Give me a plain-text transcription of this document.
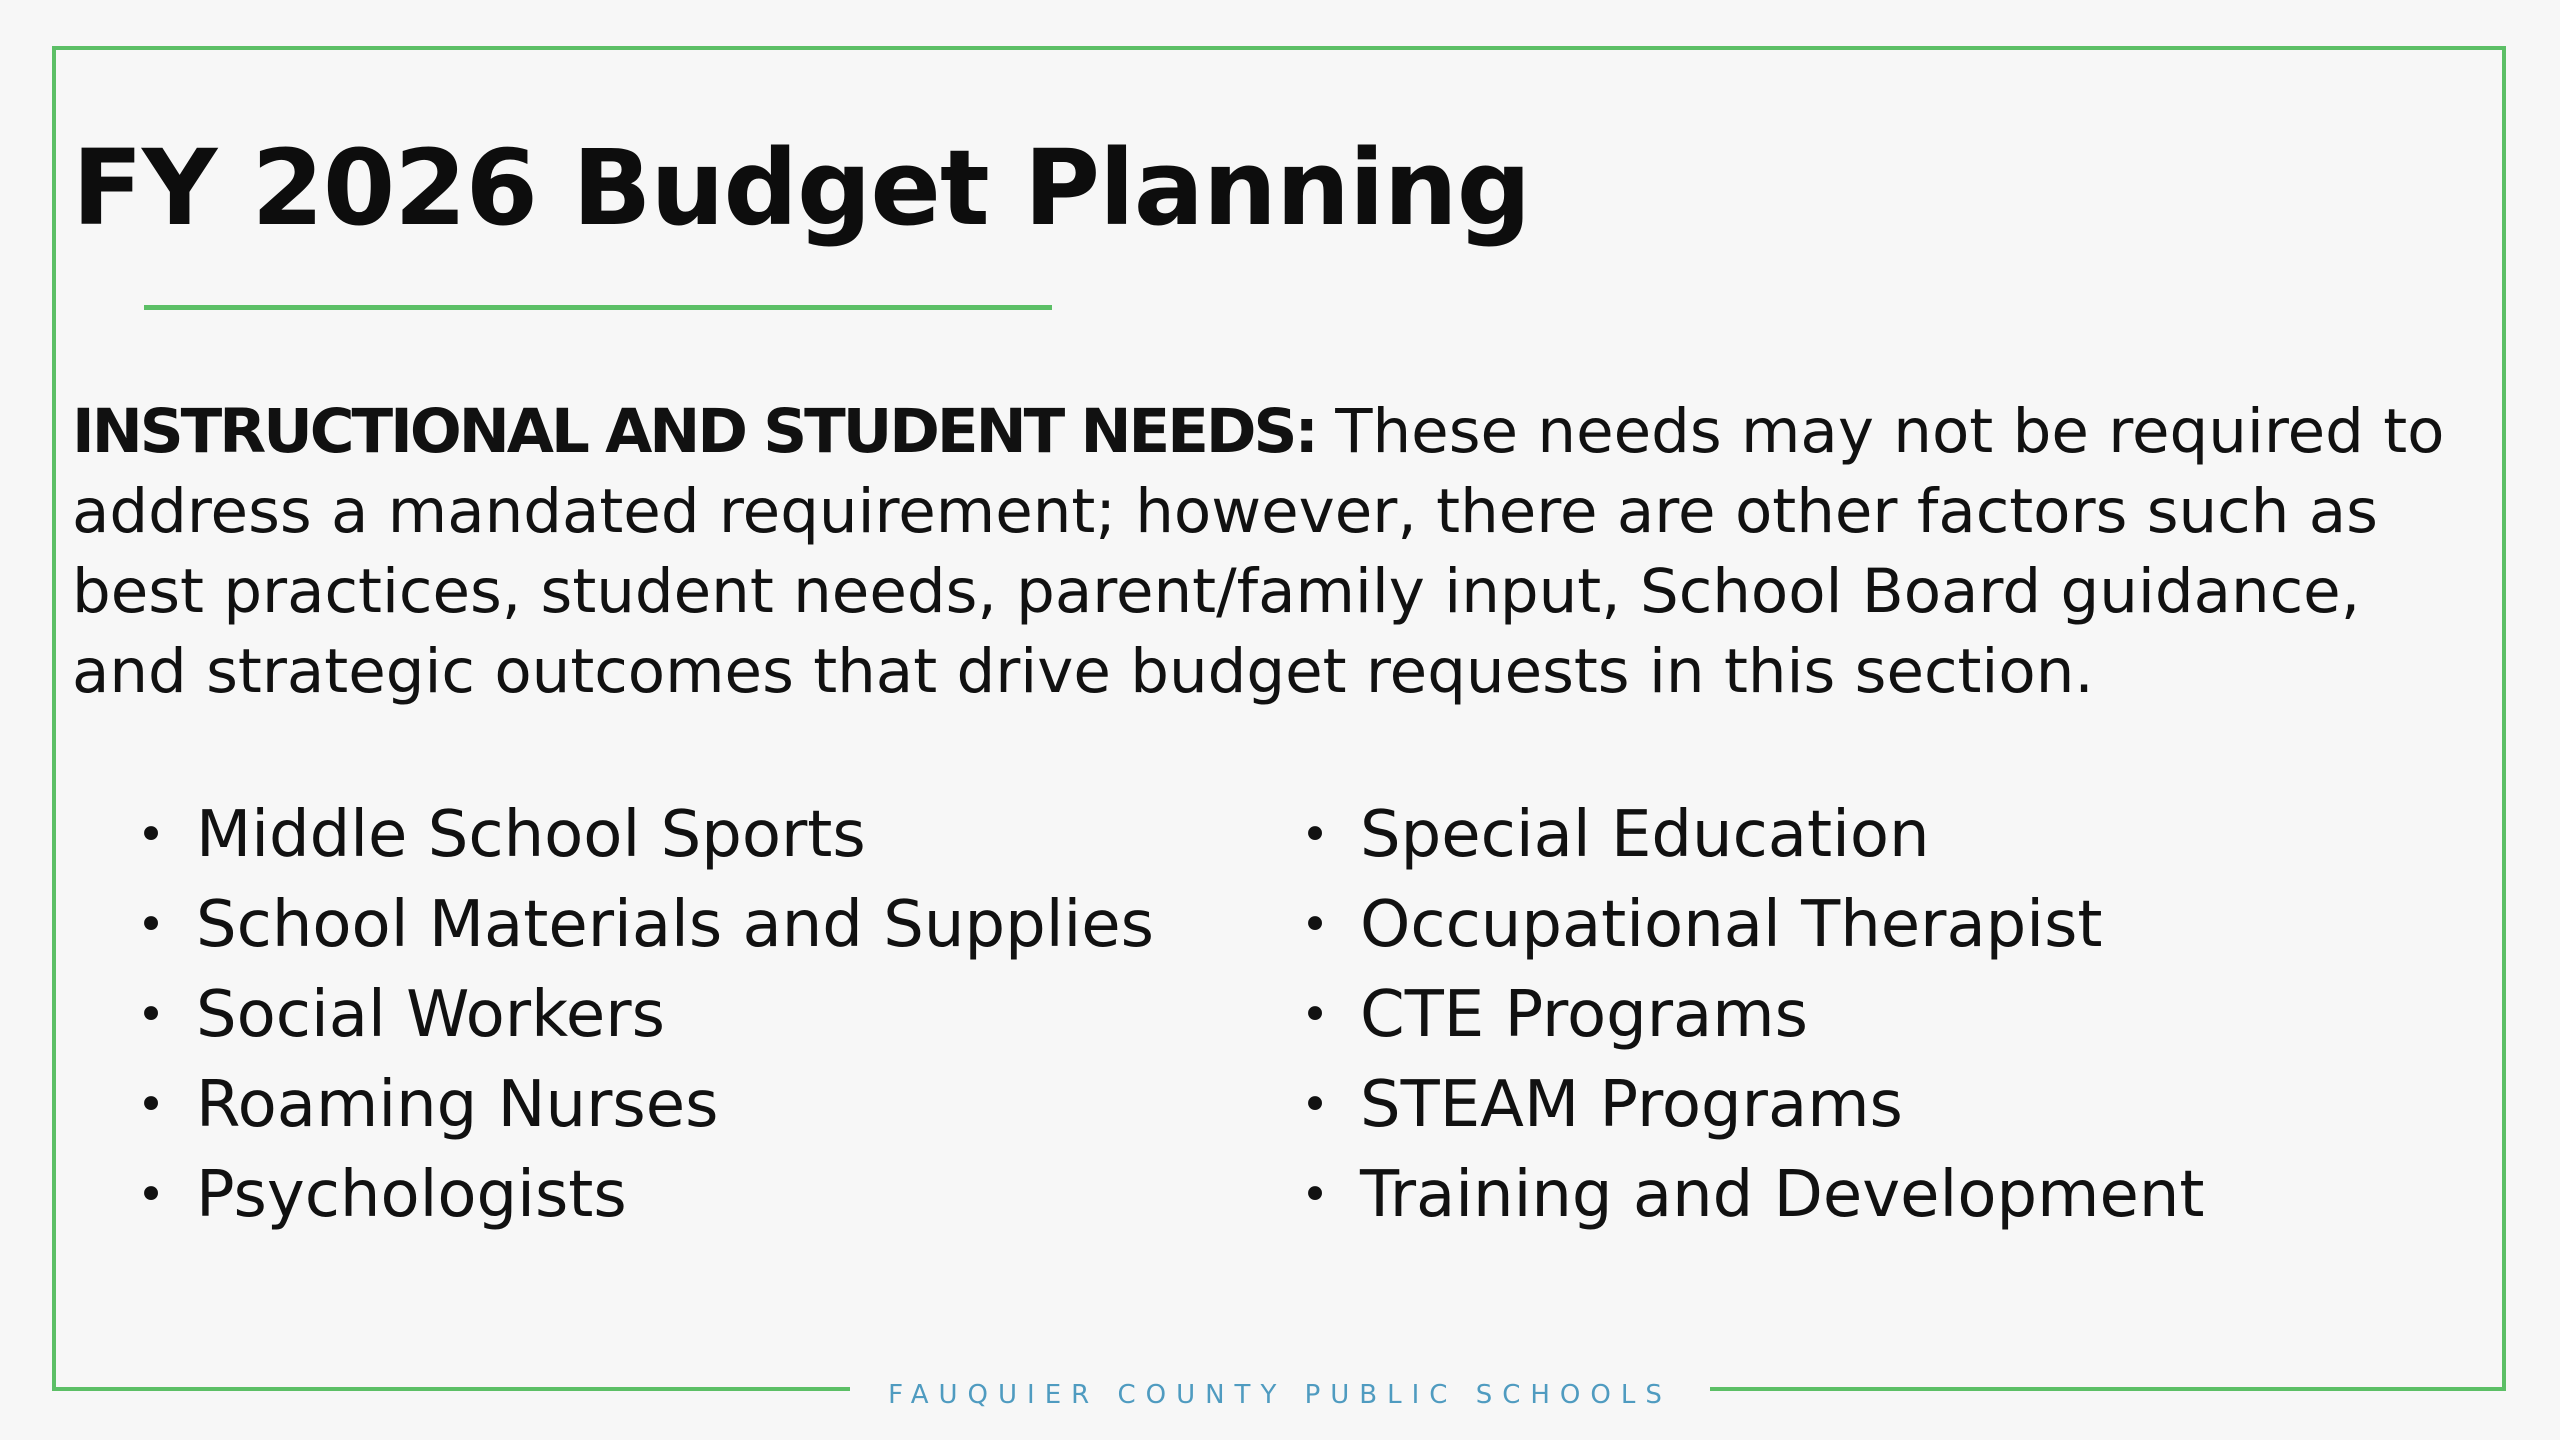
FAUQUIER COUNTY PUBLIC SCHOOLS
FY 2026 Budget Planning

INSTRUCTIONAL AND STUDENT NEEDS: These needs may not be required to address a mandated requirement; however, there are other factors such as best practices, student needs, parent/family input, School Board guidance, and strategic outcomes that drive budget requests in this section.

• Middle School Sports
• School Materials and Supplies
• Social Workers
• Roaming Nurses
• Psychologists
• Special Education
• Occupational Therapist
• CTE Programs
• STEAM Programs
• Training and Development
